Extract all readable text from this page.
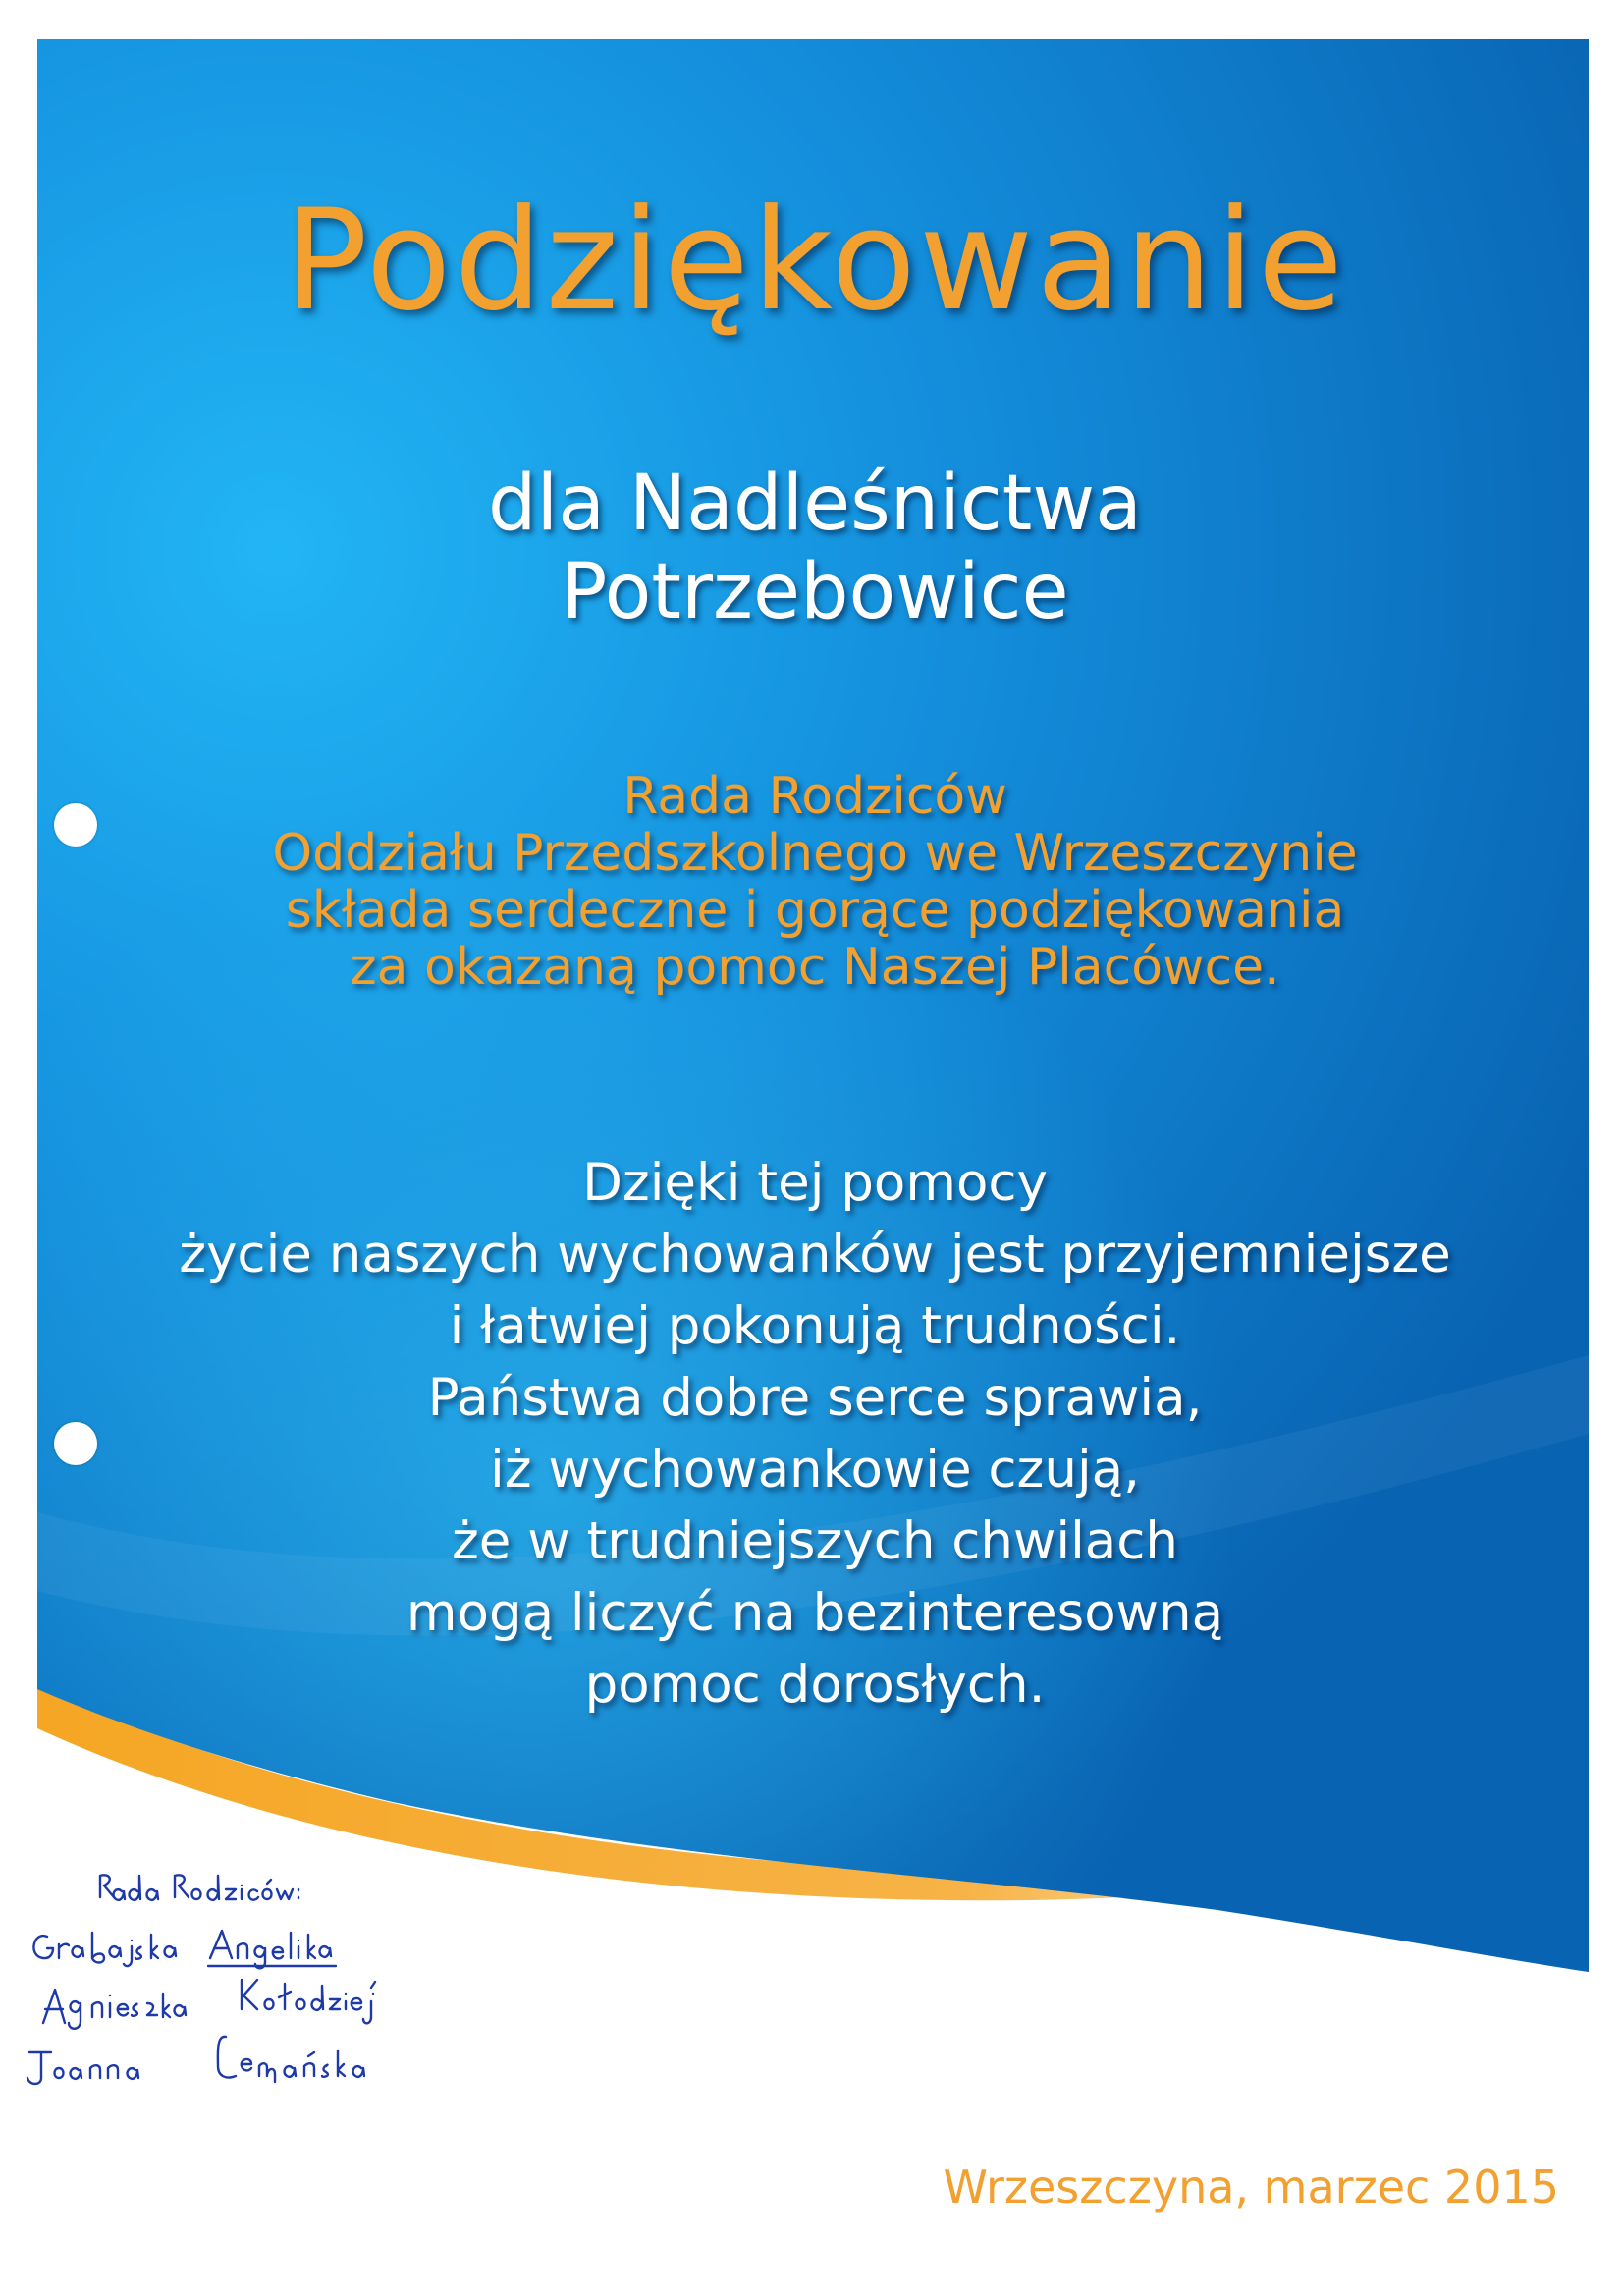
Podziękowanie
dla Nadleśnictwa
Potrzebowice
Rada Rodziców
Oddziału Przedszkolnego we Wrzeszczynie
składa serdeczne i gorące podziękowania
za okazaną pomoc Naszej Placówce.
Dzięki tej pomocy
życie naszych wychowanków jest przyjemniejsze
i łatwiej pokonują trudności.
Państwa dobre serce sprawia,
iż wychowankowie czują,
że w trudniejszych chwilach
mogą liczyć na bezinteresowną
pomoc dorosłych.
Wrzeszczyna, marzec 2015
